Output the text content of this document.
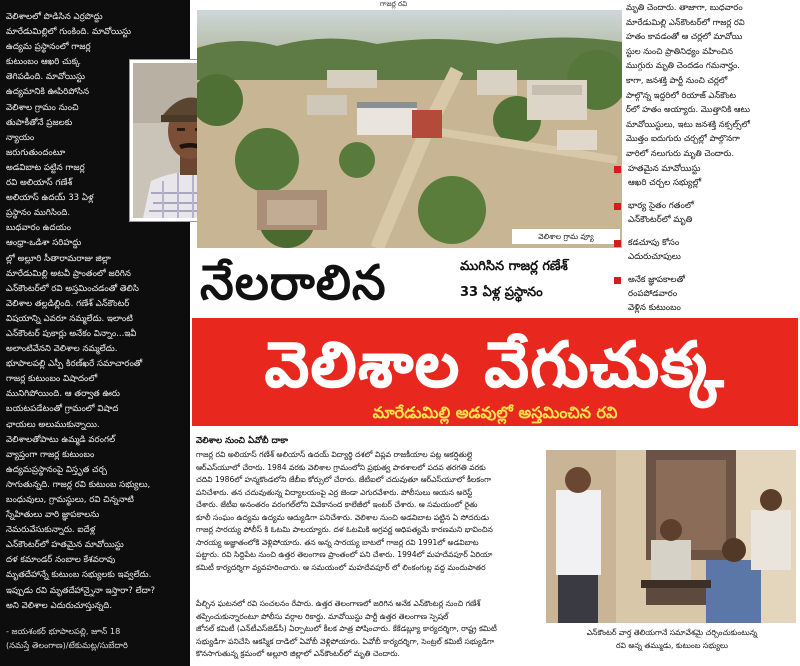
వెలిశాలలో పొడిసిన ఎర్రపొద్దు
మారేడుమిల్లిలో గుంకింది. మావోయిస్టు
ఉద్యమ ప్రస్థానంలో గాజర్ల
కుటుంబం ఆఖరి చుక్క
తెగిపడింది. మావోయిస్టు
ఉద్యమానికి ఊపిరిపోసిన
వెలిశాల గ్రామం నుంచి
తుపాకీతోనే ప్రజలకు
న్యాయం
జరుగుతుందంటూ
అడవిబాట పట్టిన గాజర్ల
రవి అలియాస్ గణేశ్
అలియాస్ ఉదయ్ 33 ఏళ్ల
ప్రస్థానం ముగిసింది.
బుధవారం ఉదయం
ఆంధ్రా-ఒడిశా సరిహద్దు
ల్లో అల్లూరి సీతారామరాజు జిల్లా
మారేడుమిల్లి అటవీ ప్రాంతంలో జరిగిన
ఎన్‌కౌంటర్‌లో రవి అస్తమించడంతో తెలిసి
వెలిశాల తల్లడిల్లింది. గణేశ్ ఎన్‌కౌంటర్
విషయాన్ని ఎవరూ నమ్మలేదు. ఇలాంటి
ఎన్‌కౌంటర్ పుకార్లు అనేకం విన్నాం...ఇవీ
అలాంటివేనని వెలిశాల నమ్మలేదు.
భూపాలపల్లి ఎస్పీ కిరణ్‌ఖరే సమాచారంతో
గాజర్ల కుటుంబం విషాదంలో
మునిగిపోయింది. ఆ తర్వాత ఊరు
బయటపడేటంతో గ్రామంలో విషాద
ఛాయలు అలుముకున్నాయి.
వెలిశాలతోపాటు ఉమ్మడి వరంగల్
వ్యాప్తంగా గాజర్ల కుటుంబం
ఉద్యమప్రస్థానంపై విస్తృత చర్చ
సాగుతున్నది. గాజర్ల రవి కుటుంబ సభ్యులు,
బంధువులు, గ్రామస్థులు, రవి చిన్ననాటి
స్నేహితులు వారి జ్ఞాపకాలను
నెమరువేసుకున్నారు. ఐదేళ్ల
ఎన్‌కౌంటర్‌లో హతమైన మావోయిస్టు
దళ కమాండర్ నంబాల కేశవరావు
మృతదేహాన్నే కుటుంబ సభ్యులకు ఇవ్వలేదు.
ఇప్పుడు రవి మృతదేహాన్నైనా ఇస్తారా? లేదా?
అని వెలిశాల ఎదురుచూస్తున్నది.
- జయశంకర్ భూపాలపల్లి, జూన్ 18
(నమస్తే తెలంగాణ)/టేకుమట్ల/సుబేదారి
గాజర్ల రవి
వెలిశాల గ్రామ వ్యూ
మృతి చెందారు. తాజాగా, బుధవారం
మారేడుమిల్లి ఎన్‌కౌంటర్‌లో గాజర్ల రవి
హతం కావడంతో ఆ చర్లలో మావోయి
స్టుల నుంచి ప్రాతినిధ్యం వహించిన
ముగ్గురు మృతి చెందడం గమనార్హం.
కాగా, జనశక్తి పార్టీ నుంచి చర్లలో
పాల్గొన్న ఇద్దరిలో రియాజ్ ఎన్‌కౌంట
ర్‌లో హతం అయ్యారు. మొత్తానికి ఆటు
మావోయిస్టులు, ఇటు జనశక్తి నక్సల్స్‌లో
మొత్తం ఐదుగురు చర్చల్లో పాల్గొనగా
వారిలో నలుగురు మృతి చెందారు.
హతమైన మావోయిస్టు
ఆఖరి చర్చల సభ్యుల్లో
భార్య సైతం గతంలో
ఎన్‌కౌంటర్‌లో మృతి
కడచూపు కోసం
ఎదురుచూపులు
అనేక జ్ఞాపకాలతో
రంపపోడవారం
వెళ్లిన కుటుంబం
నేలరాలిన	ముగిసిన గాజర్ల గణేశ్
33 ఏళ్ల ప్రస్థానం
వెలిశాల వేగుచుక్క
మారేడుమిల్లి అడవుల్లో అస్తమించిన రవి
వెలిశాల నుంచి ఏవోబీ దాకా
గాజర్ల రవి అలియాస్ గణేశ్ అలియాస్ ఉదయ్ విద్యార్థి దశలో విప్లవ రాజకీయాల పట్ల ఆకర్షితుల్లై
ఆర్‌ఎస్‌యూలో చేరారు. 1984 వరకు వెలిశాల గ్రామంలోని ప్రభుత్వ పాఠశాలలో పదవ తరగతి వరకు
చదివి 1986లో హన్మకొండలోని జేబీఐ కోర్సులో చేరారు. జేటీఐలో చదువుతూ ఆర్‌ఎస్‌యూలో కీలకంగా
పనిచేశారు. తన చదువుతున్న విద్యాలయంపై ఎర్ర జెండా ఎగురవేశారు. పోలీసులు ఆయన అరెస్ట్
చేశారు. జేటీఐ అనంతరం వరంగల్‌లోని వివేకానంద కాలేజీలో ఇంటర్ చేశారు. ఆ సమయంలో రైతు
కూలీ సంఘం ఉద్యమ ఉద్యమ ఆద్యుడిగా పనిచేశారు. వెలిశాల నుంచి అడవిబాట పట్టిన ఏ సోదరుడు
గాజర్ల సారయ్య పోలీస్ కి ఓటమి పాలయ్యారు. దళ ఓటమికి అగ్రవర్ణ ఆధిపత్యమే కారణమని భావించిన
సారయ్య అజ్ఞాతంలోకి వెళ్లిపోయారు. తన అన్న సారయ్య బాటలో గాజర్ల రవి 1991లో అడవిబాట
పట్టారు. రవి సిద్దిపేట నుంచి ఉత్తర తెలంగాణ ప్రాంతంలో పని చేశారు. 1994లో మహదేవపూర్ ఏరియా
కమిటీ కార్యదర్శిగా వ్యవహరించారు. ఆ సమయంలో మహదేవపూర్ లో లింకంగుల్ల వద్ద మందుపాతర
పేల్చిన ఘటనలో రవి సంచలనం రేపారు. ఉత్తర తెలంగాణలో జరిగిన అనేక ఎన్‌కౌంటర్ల నుంచి గణేశ్
తప్పించుకున్నారంటూ పోలీసు వర్గాల రికార్డు. మావోయిస్టు పార్టీ ఉత్తర తెలంగాణ స్పెషల్
జోనల్ కమిటీ (ఎన్‌టీఎస్‌జెడ్‌సీ) ఏర్పాటులో కీలక పాత్ర పోషించారు. కేకేడబ్ల్యూ కార్యదర్శిగా, రాష్ట్ర కమిటీ
సభ్యుడిగా పనిచేసి ఆకస్మిక దాడిలో ఏవోబీ వెళ్లిపోయారు. ఏవోబీ కార్యదర్శిగా, సెంట్రల్ కమిటీ సభ్యుడిగా
కొనసాగుతున్న క్రమంలో అల్లూరి జిల్లాలో ఎన్‌కౌంటర్‌లో మృతి చెందారు.
ఎన్‌కౌంటర్ వార్త తెలియగానే సమావేశమై చర్చించుకుంటున్న
రవి అన్న తమ్ముడు, కుటుంబ సభ్యులు
